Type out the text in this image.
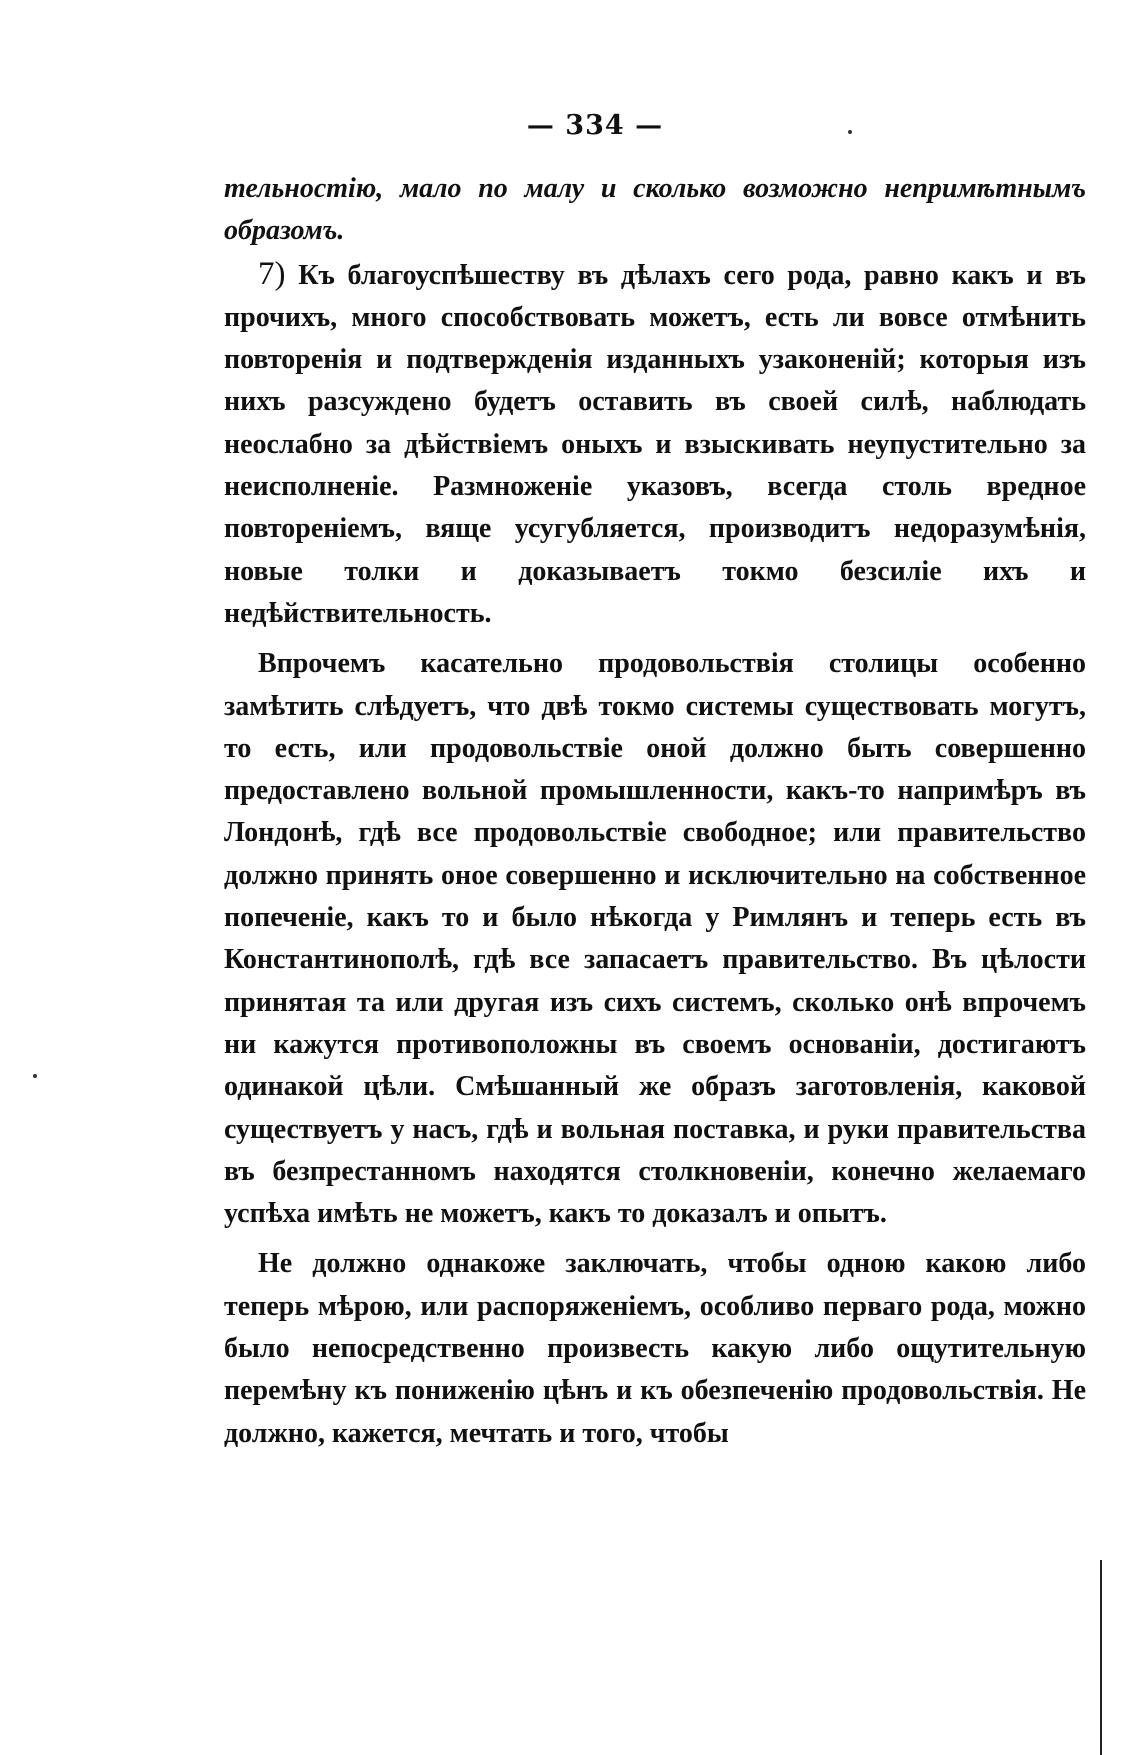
— 334 —

тельностію, мало по малу и сколько возможно непримѣтнымъ образомъ.

7) Къ благоуспѣшеству въ дѣлахъ сего рода, равно какъ и въ прочихъ, много способствовать можетъ, есть ли вовсе отмѣнить повторенія и подтвержденія изданныхъ узаконеній; которыя изъ нихъ разсуждено будетъ оставить въ своей силѣ, наблюдать неослабно за дѣйствіемъ оныхъ и взыскивать неупустительно за неисполненіе. Размноженіе указовъ, всегда столь вредное повтореніемъ, вяще усугубляется, производитъ недоразумѣнія, новые толки и доказываетъ токмо безсиліе ихъ и недѣйствительность.

Впрочемъ касательно продовольствія столицы особенно замѣтить слѣдуетъ, что двѣ токмо системы существовать могутъ, то есть, или продовольствіе оной должно быть совершенно предоставлено вольной промышленности, какъ-то напримѣръ въ Лондонѣ, гдѣ все продовольствіе свободное; или правительство должно принять оное совершенно и исключительно на собственное попеченіе, какъ то и было нѣкогда у Римлянъ и теперь есть въ Константинополѣ, гдѣ все запасаетъ правительство. Въ цѣлости принятая та или другая изъ сихъ системъ, сколько онѣ впрочемъ ни кажутся противоположны въ своемъ основаніи, достигаютъ одинакой цѣли. Смѣшанный же образъ заготовленія, каковой существуетъ у насъ, гдѣ и вольная поставка, и руки правительства въ безпрестанномъ находятся столкновеніи, конечно желаемаго успѣха имѣть не можетъ, какъ то доказалъ и опытъ.

Не должно однакоже заключать, чтобы одною какою либо теперь мѣрою, или распоряженіемъ, особливо перваго рода, можно было непосредственно произвесть какую либо ощутительную перемѣну къ пониженію цѣнъ и къ обезпеченію продовольствія. Не должно, кажется, мечтать и того, чтобы
